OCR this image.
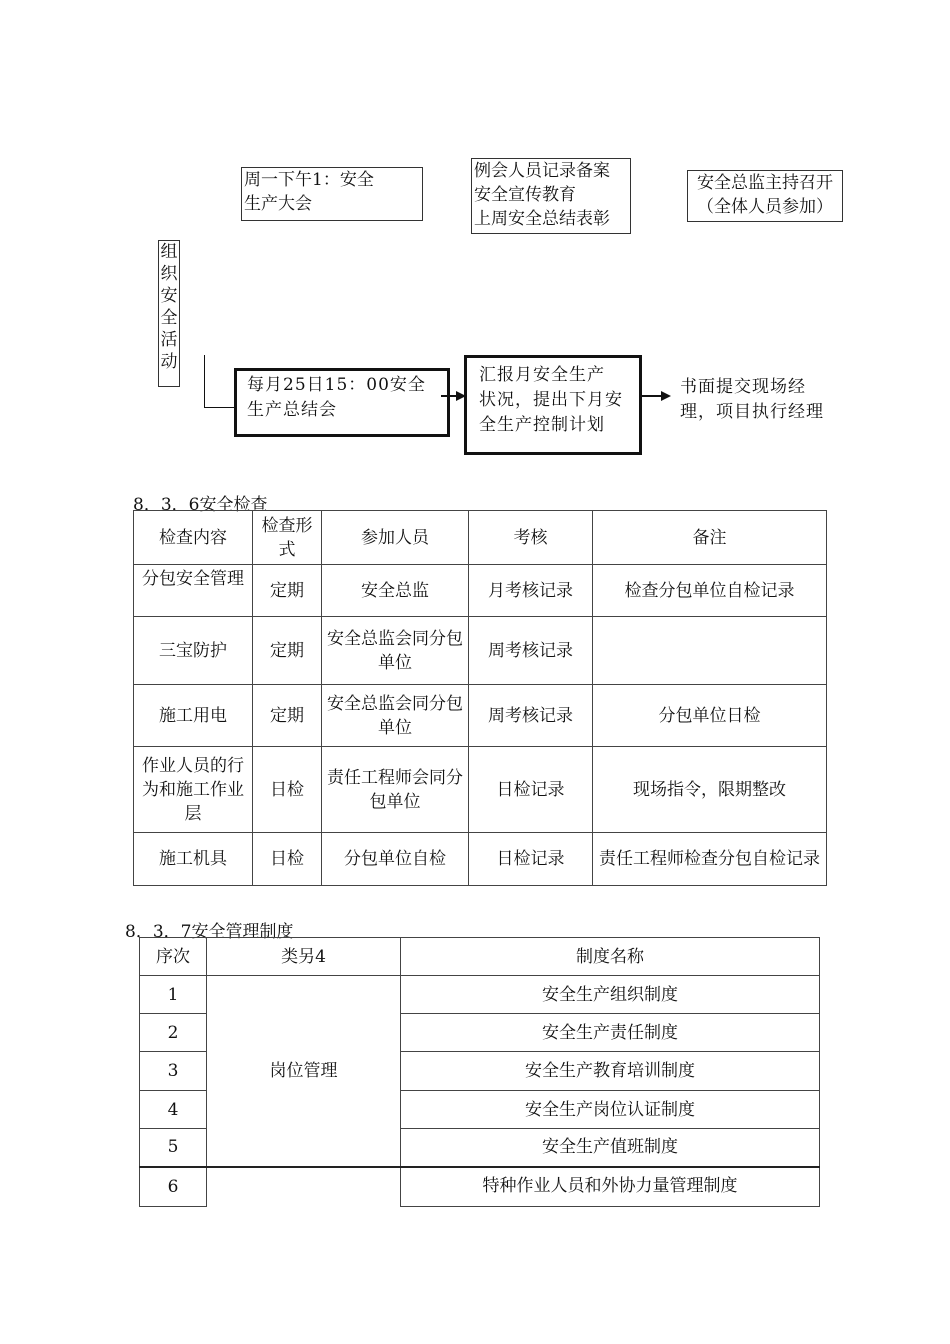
周一下午1：安全
生产大会
例会人员记录备案
安全宣传教育
上周安全总结表彰
安全总监主持召开
（全体人员参加）
组
织
安
全
活
动
每月25日15：00安全
生产总结会
汇报月安全生产
状况，提出下月安
全生产控制计划
书面提交现场经
理，项目执行经理
8．3．6安全检查
检查内容	检查形式	参加人员	考核	备注
分包安全管理	定期	安全总监	月考核记录	检查分包单位自检记录
三宝防护	定期	安全总监会同分包单位	周考核记录	
施工用电	定期	安全总监会同分包单位	周考核记录	分包单位日检
作业人员的行为和施工作业层	日检	责任工程师会同分包单位	日检记录	现场指令，限期整改
施工机具	日检	分包单位自检	日检记录	责任工程师检查分包自检记录
8．3．7安全管理制度
序次	类另4	制度名称
1	岗位管理	安全生产组织制度
2		安全生产责任制度
3		安全生产教育培训制度
4		安全生产岗位认证制度
5		安全生产值班制度
6		特种作业人员和外协力量管理制度
